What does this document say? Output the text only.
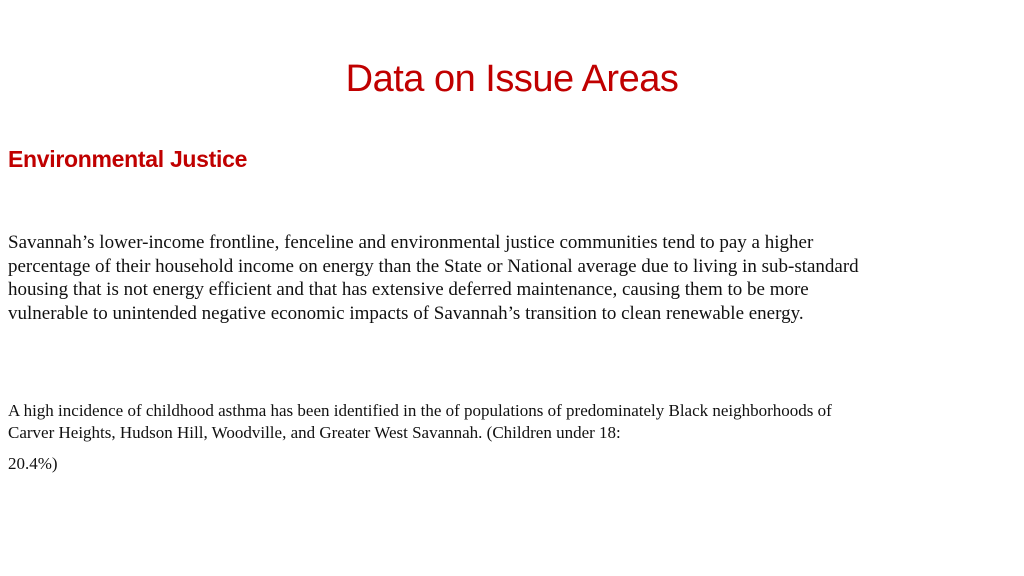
Data on Issue Areas
Environmental Justice

Savannah’s lower-income frontline, fenceline and environmental justice communities tend to pay a higher percentage of their household income on energy than the State or National average due to living in sub-standard housing that is not energy efficient and that has extensive deferred maintenance, causing them to be more vulnerable to unintended negative economic impacts of Savannah’s transition to clean renewable energy.

A high incidence of childhood asthma has been identified in the of populations of predominately Black neighborhoods of Carver Heights, Hudson Hill, Woodville, and Greater West Savannah. (Children under 18:

20.4%)
